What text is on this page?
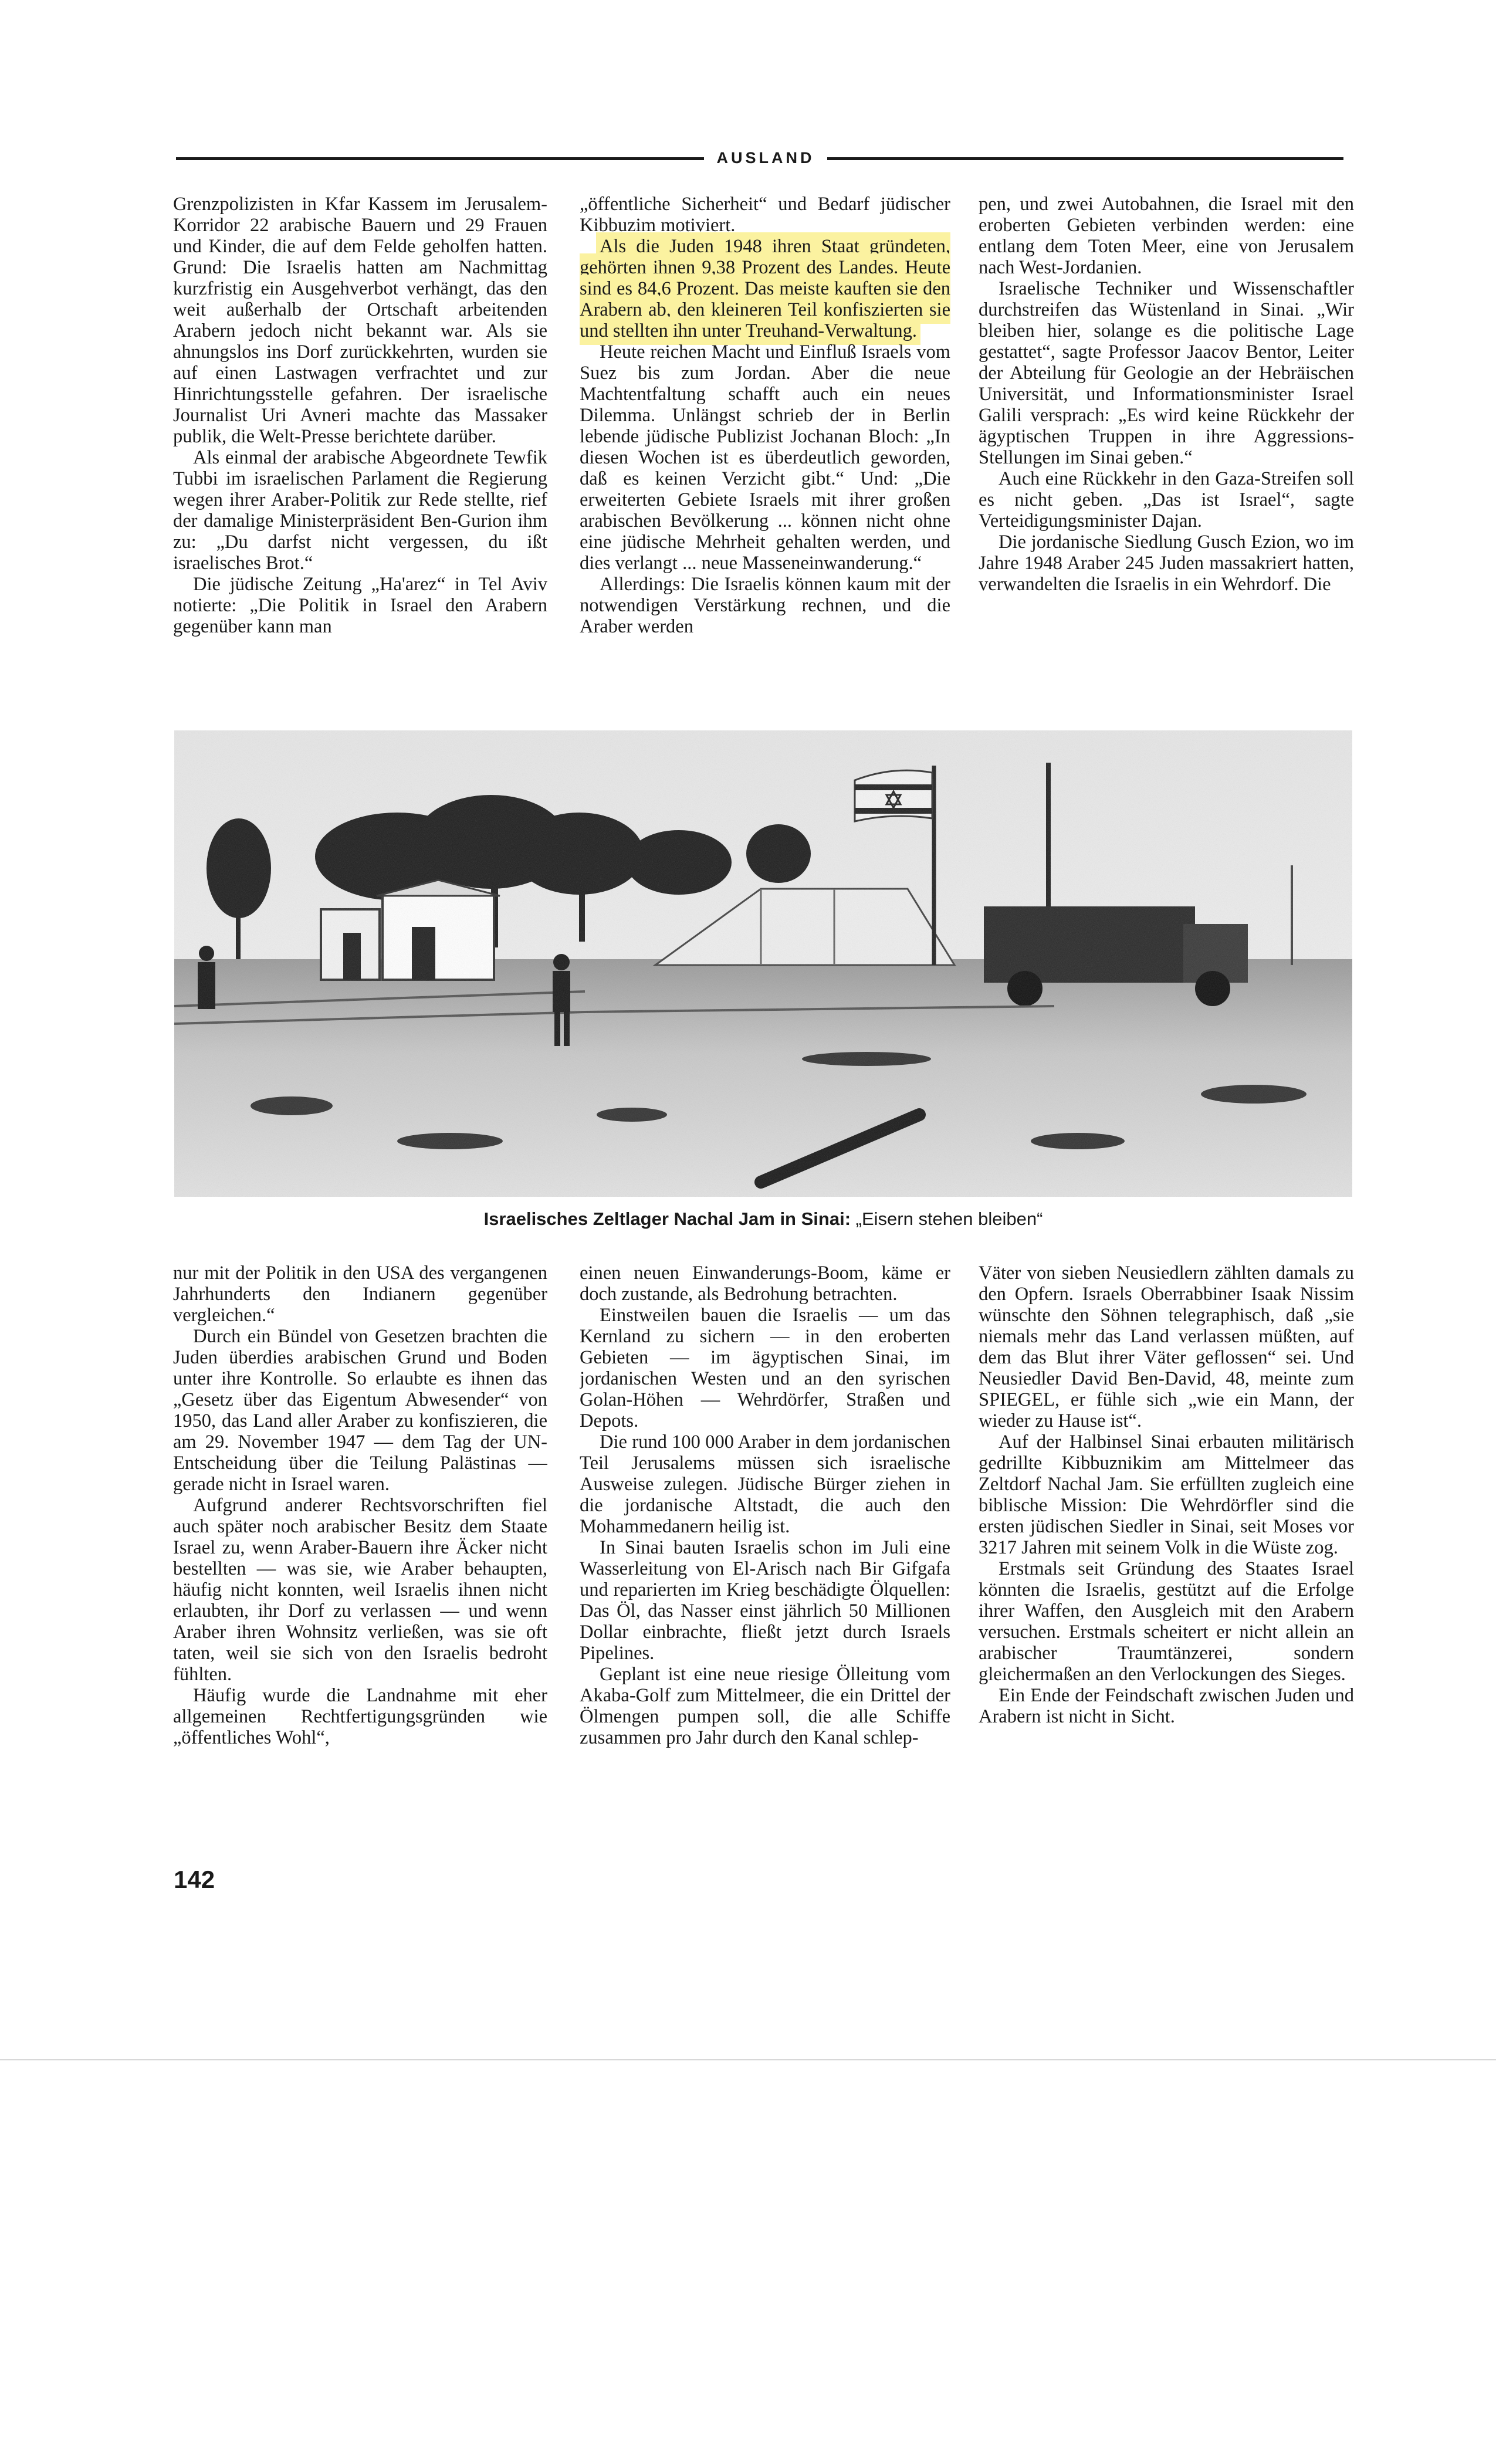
AUSLAND

Grenzpolizisten in Kfar Kassem im Jerusalem-Korridor 22 arabische Bauern und 29 Frauen und Kinder, die auf dem Felde geholfen hatten. Grund: Die Israelis hatten am Nachmittag kurzfristig ein Ausgehverbot verhängt, das den weit außerhalb der Ortschaft arbeitenden Arabern jedoch nicht bekannt war. Als sie ahnungslos ins Dorf zurückkehrten, wurden sie auf einen Lastwagen verfrachtet und zur Hinrichtungsstelle gefahren. Der israelische Journalist Uri Avneri machte das Massaker publik, die Welt-Presse berichtete darüber.

Als einmal der arabische Abgeordnete Tewfik Tubbi im israelischen Parlament die Regierung wegen ihrer Araber-Politik zur Rede stellte, rief der damalige Ministerpräsident Ben-Gurion ihm zu: „Du darfst nicht vergessen, du ißt israelisches Brot.“

Die jüdische Zeitung „Ha'arez“ in Tel Aviv notierte: „Die Politik in Israel den Arabern gegenüber kann man

„öffentliche Sicherheit“ und Bedarf jüdischer Kibbuzim motiviert.

Als die Juden 1948 ihren Staat gründeten, gehörten ihnen 9,38 Prozent des Landes. Heute sind es 84,6 Prozent. Das meiste kauften sie den Arabern ab, den kleineren Teil konfiszierten sie und stellten ihn unter Treuhand-Verwaltung.

Heute reichen Macht und Einfluß Israels vom Suez bis zum Jordan. Aber die neue Machtentfaltung schafft auch ein neues Dilemma. Unlängst schrieb der in Berlin lebende jüdische Publizist Jochanan Bloch: „In diesen Wochen ist es überdeutlich geworden, daß es keinen Verzicht gibt.“ Und: „Die erweiterten Gebiete Israels mit ihrer großen arabischen Bevölkerung ... können nicht ohne eine jüdische Mehrheit gehalten werden, und dies verlangt ... neue Masseneinwanderung.“

Allerdings: Die Israelis können kaum mit der notwendigen Verstärkung rechnen, und die Araber werden

pen, und zwei Autobahnen, die Israel mit den eroberten Gebieten verbinden werden: eine entlang dem Toten Meer, eine von Jerusalem nach West-Jordanien.

Israelische Techniker und Wissenschaftler durchstreifen das Wüstenland in Sinai. „Wir bleiben hier, solange es die politische Lage gestattet“, sagte Professor Jaacov Bentor, Leiter der Abteilung für Geologie an der Hebräischen Universität, und Informationsminister Israel Galili versprach: „Es wird keine Rückkehr der ägyptischen Truppen in ihre Aggressions-Stellungen im Sinai geben.“

Auch eine Rückkehr in den Gaza-Streifen soll es nicht geben. „Das ist Israel“, sagte Verteidigungsminister Dajan.

Die jordanische Siedlung Gusch Ezion, wo im Jahre 1948 Araber 245 Juden massakriert hatten, verwandelten die Israelis in ein Wehrdorf. Die

Israelisches Zeltlager Nachal Jam in Sinai: „Eisern stehen bleiben“

nur mit der Politik in den USA des vergangenen Jahrhunderts den Indianern gegenüber vergleichen.“

Durch ein Bündel von Gesetzen brachten die Juden überdies arabischen Grund und Boden unter ihre Kontrolle. So erlaubte es ihnen das „Gesetz über das Eigentum Abwesender“ von 1950, das Land aller Araber zu konfiszieren, die am 29. November 1947 — dem Tag der UN-Entscheidung über die Teilung Palästinas — gerade nicht in Israel waren.

Aufgrund anderer Rechtsvorschriften fiel auch später noch arabischer Besitz dem Staate Israel zu, wenn Araber-Bauern ihre Äcker nicht bestellten — was sie, wie Araber behaupten, häufig nicht konnten, weil Israelis ihnen nicht erlaubten, ihr Dorf zu verlassen — und wenn Araber ihren Wohnsitz verließen, was sie oft taten, weil sie sich von den Israelis bedroht fühlten.

Häufig wurde die Landnahme mit eher allgemeinen Rechtfertigungsgründen wie „öffentliches Wohl“,

einen neuen Einwanderungs-Boom, käme er doch zustande, als Bedrohung betrachten.

Einstweilen bauen die Israelis — um das Kernland zu sichern — in den eroberten Gebieten — im ägyptischen Sinai, im jordanischen Westen und an den syrischen Golan-Höhen — Wehrdörfer, Straßen und Depots.

Die rund 100 000 Araber in dem jordanischen Teil Jerusalems müssen sich israelische Ausweise zulegen. Jüdische Bürger ziehen in die jordanische Altstadt, die auch den Mohammedanern heilig ist.

In Sinai bauten Israelis schon im Juli eine Wasserleitung von El-Arisch nach Bir Gifgafa und reparierten im Krieg beschädigte Ölquellen: Das Öl, das Nasser einst jährlich 50 Millionen Dollar einbrachte, fließt jetzt durch Israels Pipelines.

Geplant ist eine neue riesige Ölleitung vom Akaba-Golf zum Mittelmeer, die ein Drittel der Ölmengen pumpen soll, die alle Schiffe zusammen pro Jahr durch den Kanal schlep-

Väter von sieben Neusiedlern zählten damals zu den Opfern. Israels Oberrabbiner Isaak Nissim wünschte den Söhnen telegraphisch, daß „sie niemals mehr das Land verlassen müßten, auf dem das Blut ihrer Väter geflossen“ sei. Und Neusiedler David Ben-David, 48, meinte zum SPIEGEL, er fühle sich „wie ein Mann, der wieder zu Hause ist“.

Auf der Halbinsel Sinai erbauten militärisch gedrillte Kibbuznikim am Mittelmeer das Zeltdorf Nachal Jam. Sie erfüllten zugleich eine biblische Mission: Die Wehrdörfler sind die ersten jüdischen Siedler in Sinai, seit Moses vor 3217 Jahren mit seinem Volk in die Wüste zog.

Erstmals seit Gründung des Staates Israel könnten die Israelis, gestützt auf die Erfolge ihrer Waffen, den Ausgleich mit den Arabern versuchen. Erstmals scheitert er nicht allein an arabischer Traumtänzerei, sondern gleichermaßen an den Verlockungen des Sieges.

Ein Ende der Feindschaft zwischen Juden und Arabern ist nicht in Sicht.

142
